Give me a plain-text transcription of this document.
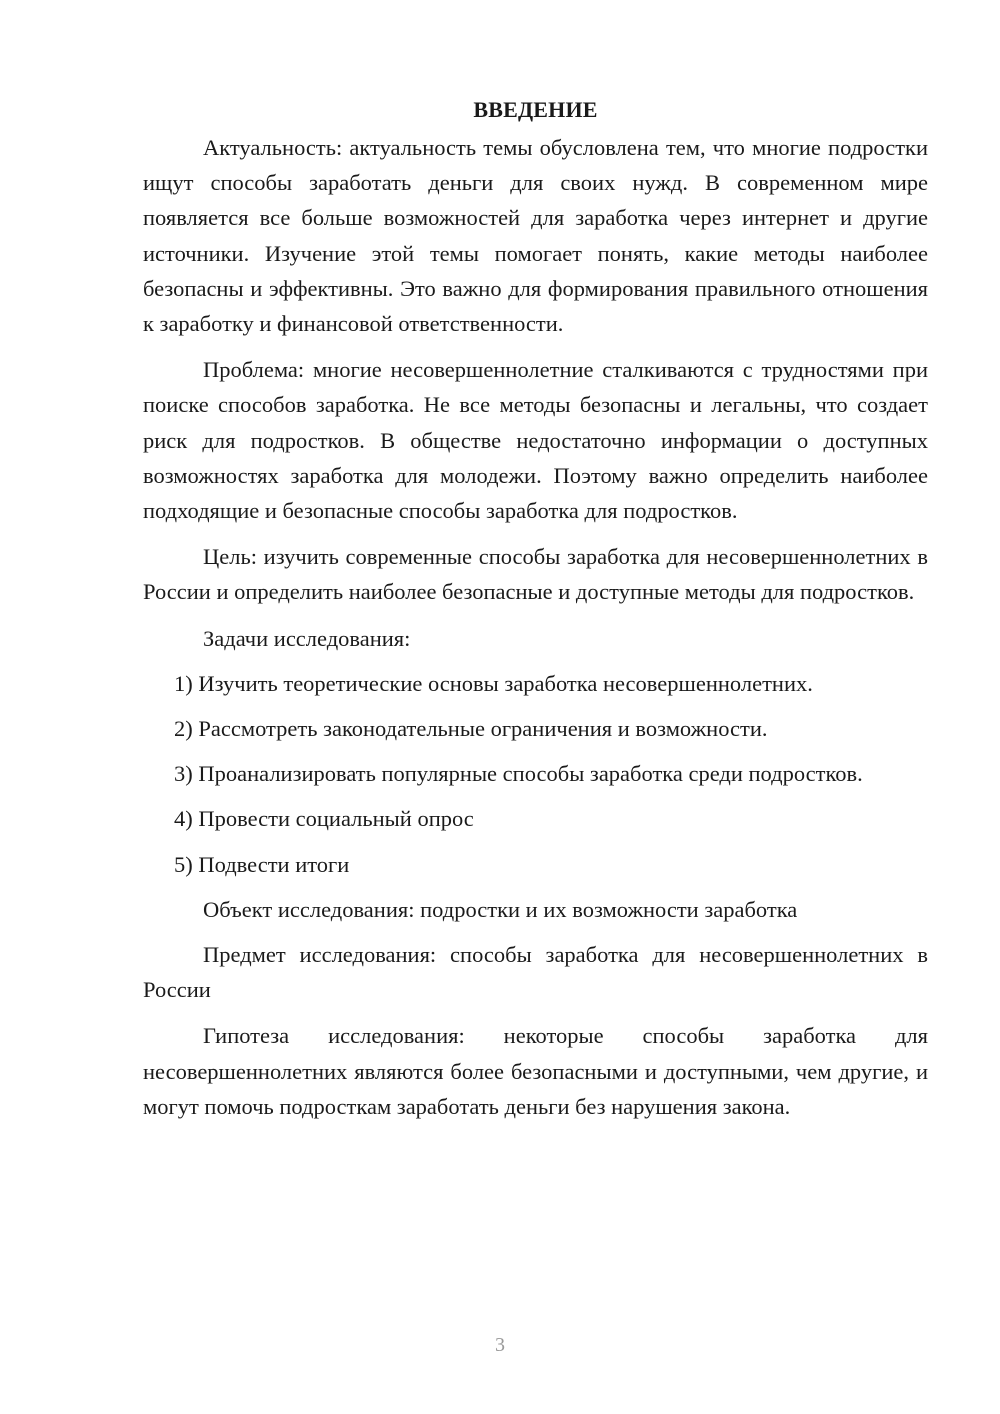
ВВЕДЕНИЕ

Актуальность: актуальность темы обусловлена тем, что многие подростки ищут способы заработать деньги для своих нужд. В современном мире появляется все больше возможностей для заработка через интернет и другие источники. Изучение этой темы помогает понять, какие методы наиболее безопасны и эффективны. Это важно для формирования правильного отношения к заработку и финансовой ответственности.

Проблема: многие несовершеннолетние сталкиваются с трудностями при поиске способов заработка. Не все методы безопасны и легальны, что создает риск для подростков. В обществе недостаточно информации о доступных возможностях заработка для молодежи. Поэтому важно определить наиболее подходящие и безопасные способы заработка для подростков.

Цель: изучить современные способы заработка для несовершеннолетних в России и определить наиболее безопасные и доступные методы для подростков.

Задачи исследования:

1) Изучить теоретические основы заработка несовершеннолетних.

2) Рассмотреть законодательные ограничения и возможности.

3) Проанализировать популярные способы заработка среди подростков.

4) Провести социальный опрос

5) Подвести итоги

Объект исследования: подростки и их возможности заработка

Предмет исследования: способы заработка для несовершеннолетних в России

Гипотеза исследования: некоторые способы заработка для несовершеннолетних являются более безопасными и доступными, чем другие, и могут помочь подросткам заработать деньги без нарушения закона.

3
